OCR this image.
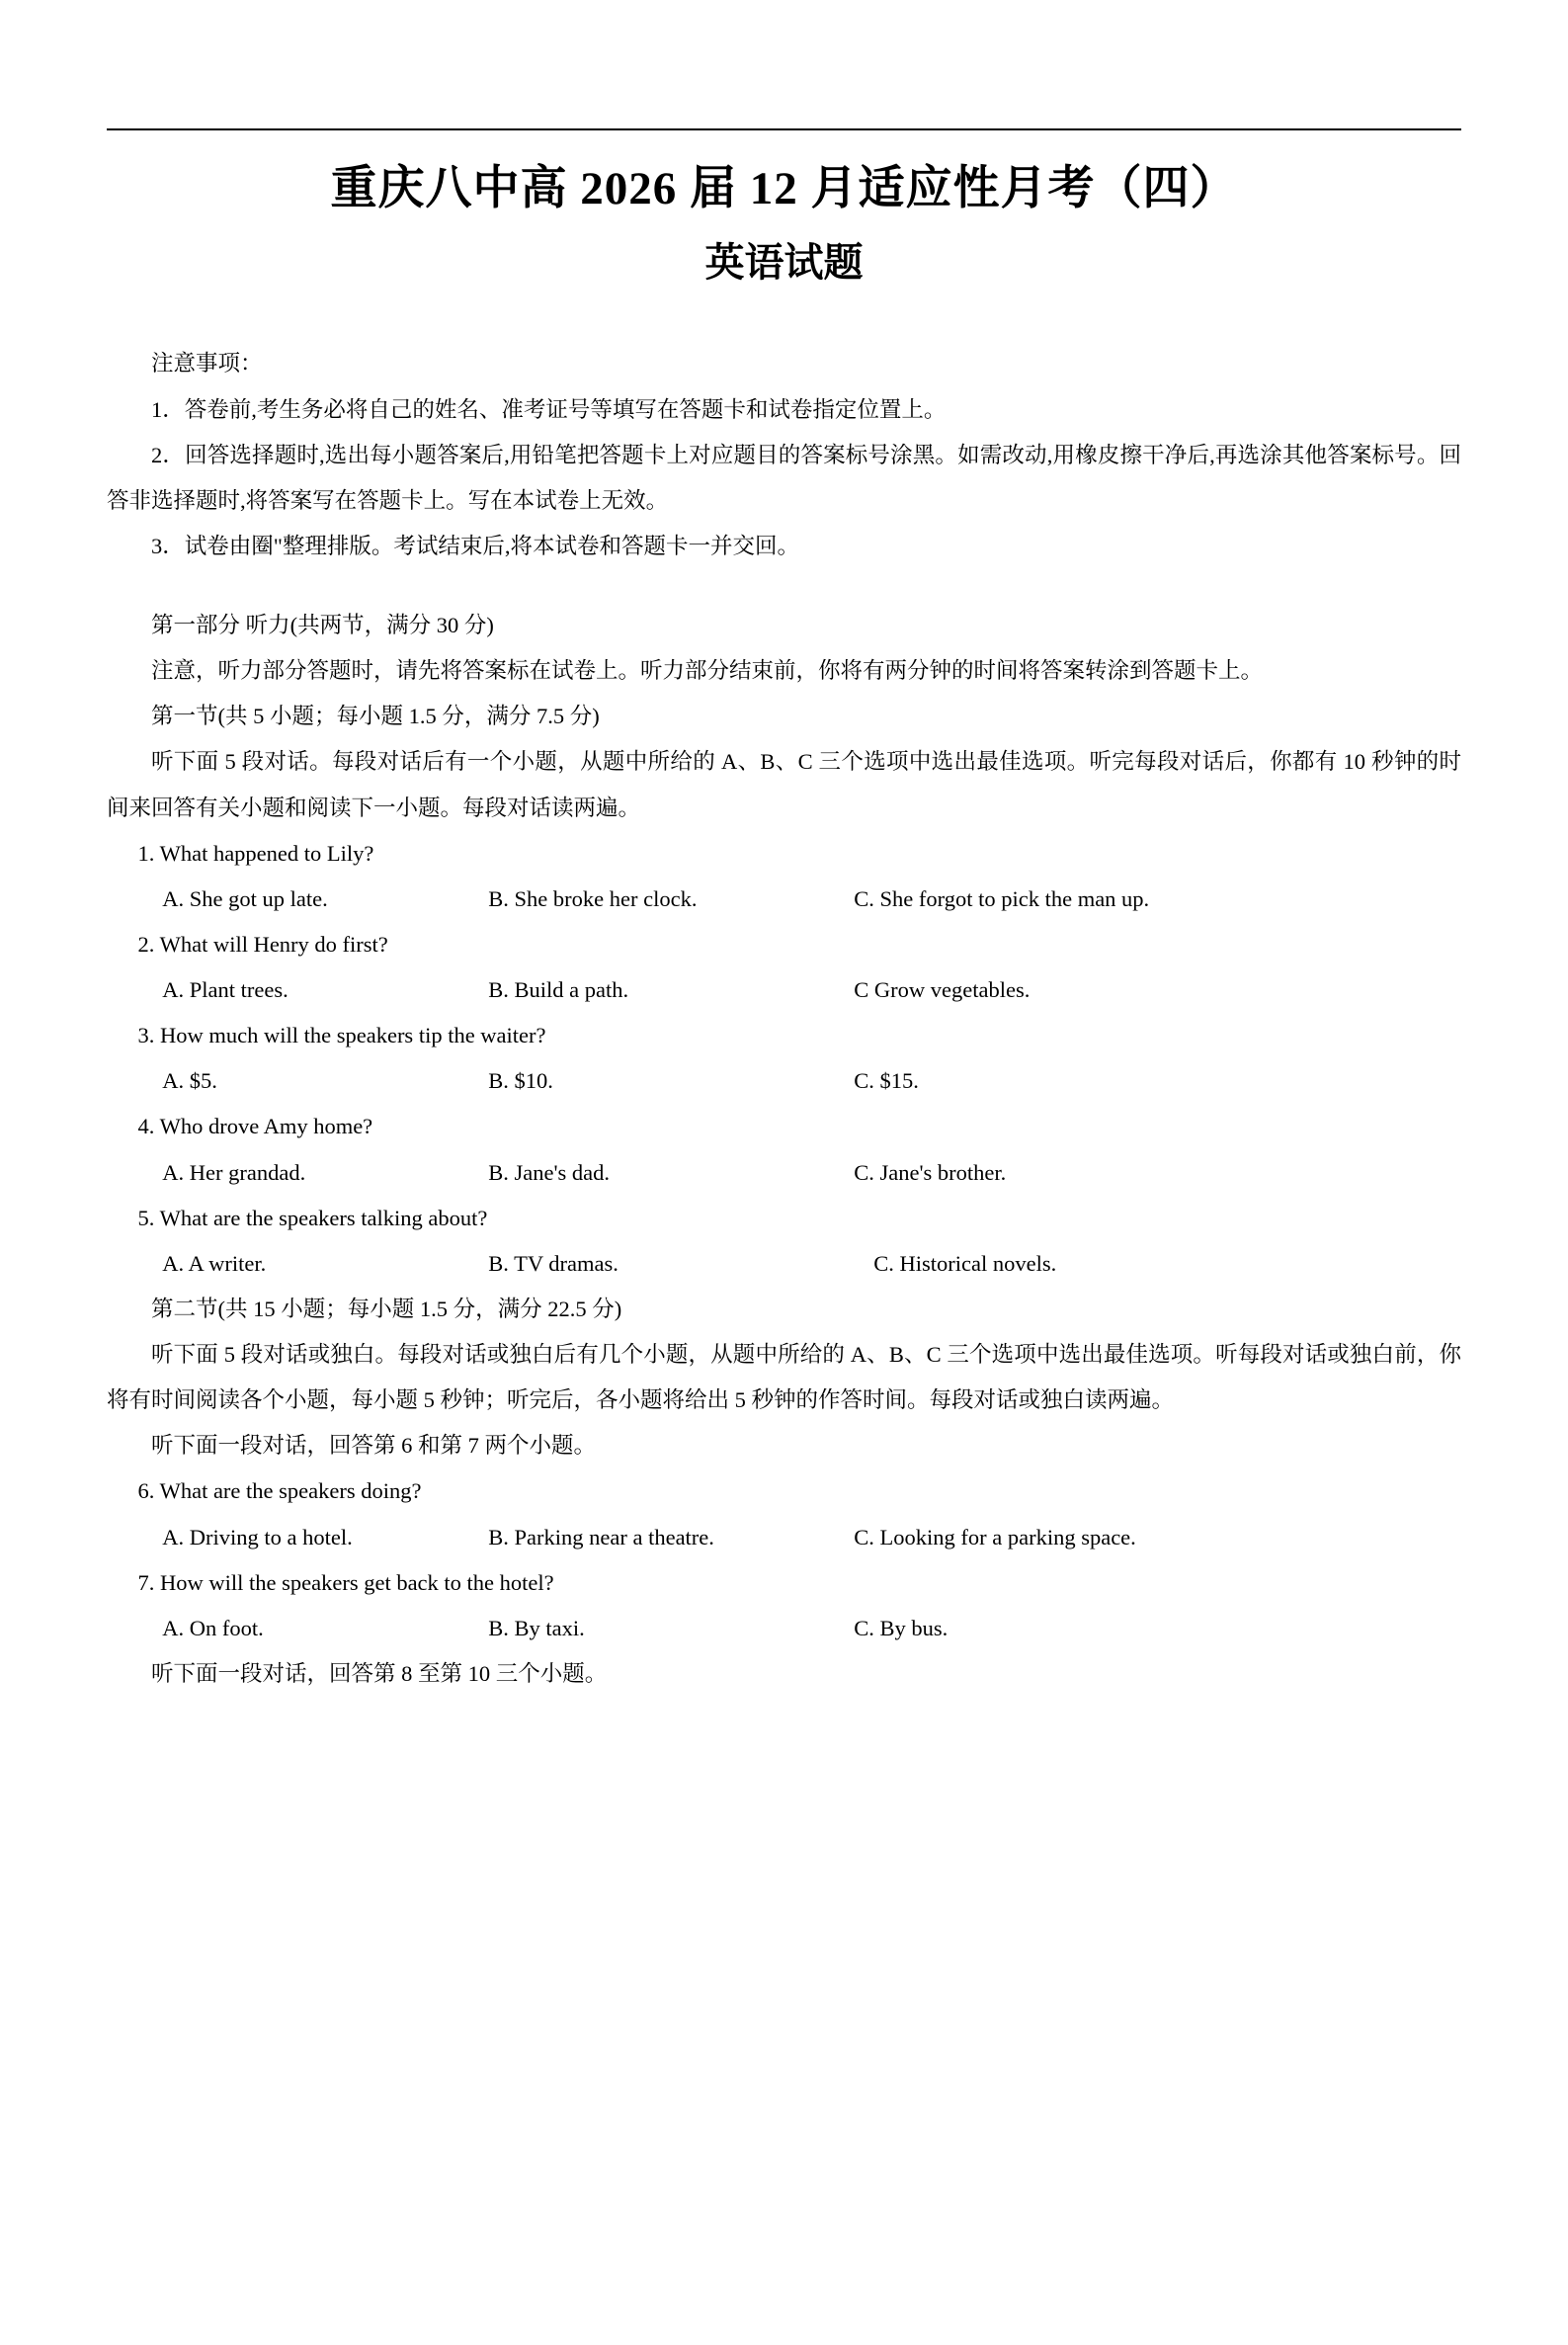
重庆八中高 2026 届 12 月适应性月考（四）
英语试题
注意事项：
1．答卷前,考生务必将自己的姓名、准考证号等填写在答题卡和试卷指定位置上。
2．回答选择题时,选出每小题答案后,用铅笔把答题卡上对应题目的答案标号涂黑。如需改动,用橡皮擦干净后,再选涂其他答案标号。回答非选择题时,将答案写在答题卡上。写在本试卷上无效。
3．试卷由圈"整理排版。考试结束后,将本试卷和答题卡一并交回。
第一部分 听力(共两节，满分 30 分)
注意，听力部分答题时，请先将答案标在试卷上。听力部分结束前，你将有两分钟的时间将答案转涂到答题卡上。
第一节(共 5 小题；每小题 1.5 分，满分 7.5 分)
听下面 5 段对话。每段对话后有一个小题，从题中所给的 A、B、C 三个选项中选出最佳选项。听完每段对话后，你都有 10 秒钟的时间来回答有关小题和阅读下一小题。每段对话读两遍。
1. What happened to Lily?
A. She got up late.	B. She broke her clock.	C. She forgot to pick the man up.
2. What will Henry do first?
A. Plant trees.	B. Build a path.	C Grow vegetables.
3. How much will the speakers tip the waiter?
A. $5.	B. $10.	C. $15.
4. Who drove Amy home?
A. Her grandad.	B. Jane's dad.	C. Jane's brother.
5. What are the speakers talking about?
A. A writer.	B. TV dramas.	C. Historical novels.
第二节(共 15 小题；每小题 1.5 分，满分 22.5 分)
听下面 5 段对话或独白。每段对话或独白后有几个小题，从题中所给的 A、B、C 三个选项中选出最佳选项。听每段对话或独白前，你将有时间阅读各个小题，每小题 5 秒钟；听完后，各小题将给出 5 秒钟的作答时间。每段对话或独白读两遍。
听下面一段对话，回答第 6 和第 7 两个小题。
6. What are the speakers doing?
A. Driving to a hotel.	B. Parking near a theatre.	C. Looking for a parking space.
7. How will the speakers get back to the hotel?
A. On foot.	B. By taxi.	C. By bus.
听下面一段对话，回答第 8 至第 10 三个小题。
